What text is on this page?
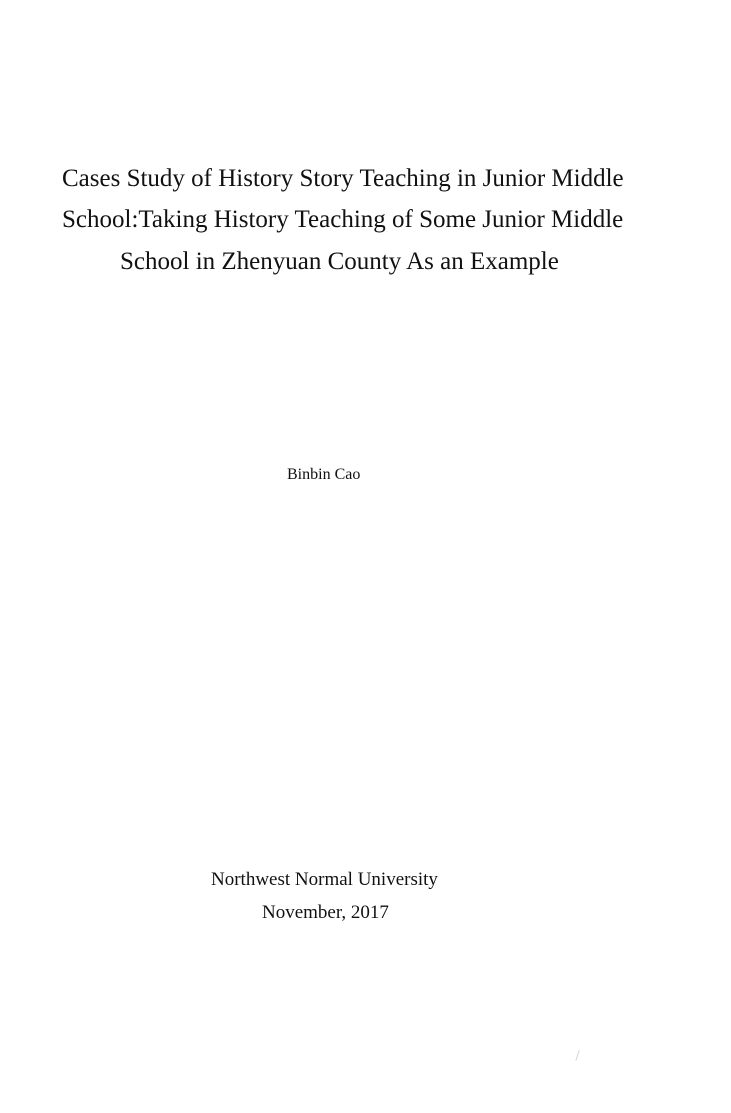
Cases Study of History Story Teaching in Junior Middle
School:Taking History Teaching of Some Junior Middle
School in Zhenyuan County As an Example
Binbin Cao
Northwest Normal University
November, 2017
